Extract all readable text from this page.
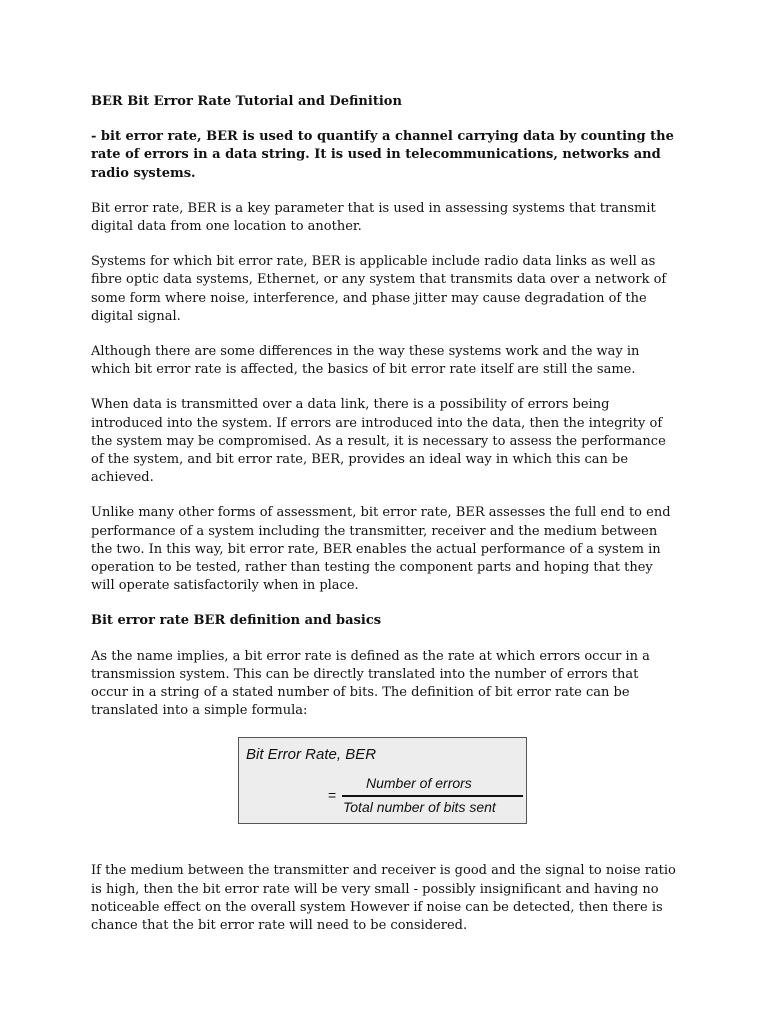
BER Bit Error Rate Tutorial and Definition
- bit error rate, BER is used to quantify a channel carrying data by counting the rate of errors in a data string. It is used in telecommunications, networks and radio systems.
Bit error rate, BER is a key parameter that is used in assessing systems that transmit digital data from one location to another.
Systems for which bit error rate, BER is applicable include radio data links as well as fibre optic data systems, Ethernet, or any system that transmits data over a network of some form where noise, interference, and phase jitter may cause degradation of the digital signal.
Although there are some differences in the way these systems work and the way in which bit error rate is affected, the basics of bit error rate itself are still the same.
When data is transmitted over a data link, there is a possibility of errors being introduced into the system. If errors are introduced into the data, then the integrity of the system may be compromised. As a result, it is necessary to assess the performance of the system, and bit error rate, BER, provides an ideal way in which this can be achieved.
Unlike many other forms of assessment, bit error rate, BER assesses the full end to end performance of a system including the transmitter, receiver and the medium between the two. In this way, bit error rate, BER enables the actual performance of a system in operation to be tested, rather than testing the component parts and hoping that they will operate satisfactorily when in place.
Bit error rate BER definition and basics
As the name implies, a bit error rate is defined as the rate at which errors occur in a transmission system. This can be directly translated into the number of errors that occur in a string of a stated number of bits. The definition of bit error rate can be translated into a simple formula:
Bit Error Rate, BER
=
Number of errors
Total number of bits sent
If the medium between the transmitter and receiver is good and the signal to noise ratio is high, then the bit error rate will be very small - possibly insignificant and having no noticeable effect on the overall system However if noise can be detected, then there is chance that the bit error rate will need to be considered.
